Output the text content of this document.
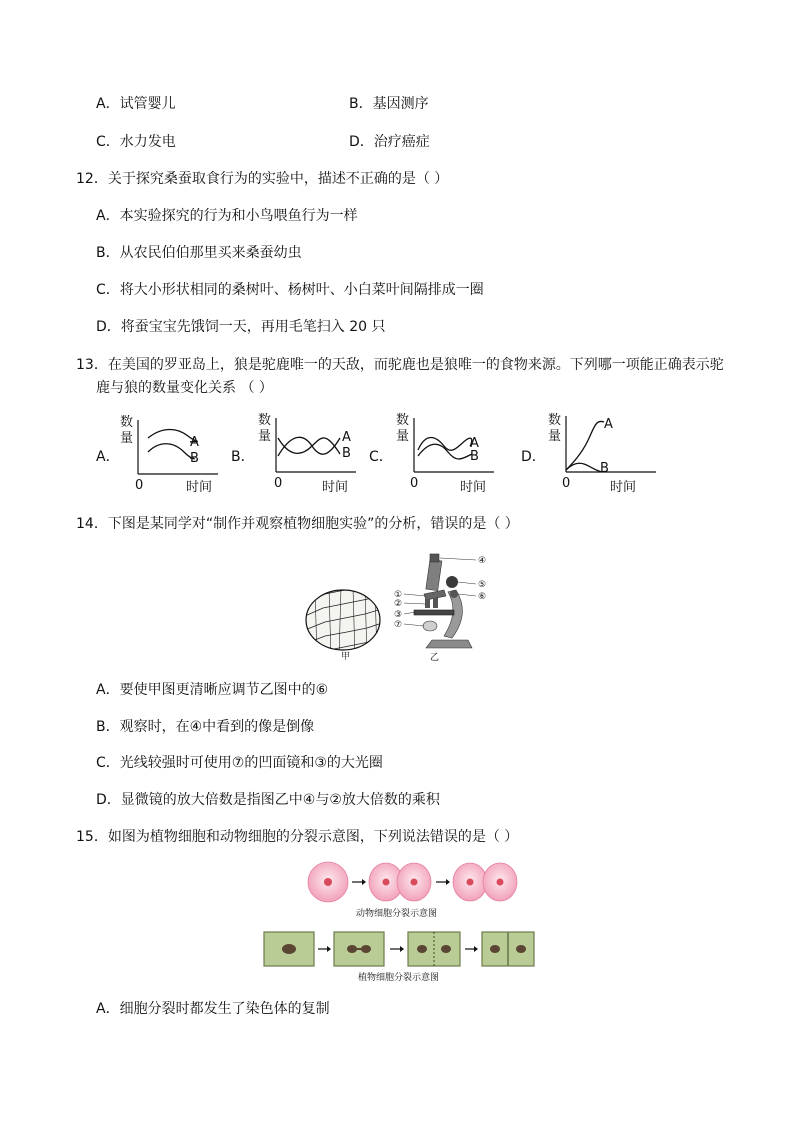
A．试管婴儿	B．基因测序
C．水力发电	D．治疗癌症
12．关于探究桑蚕取食行为的实验中，描述不正确的是（ ）
A．本实验探究的行为和小鸟喂鱼行为一样
B．从农民伯伯那里买来桑蚕幼虫
C．将大小形状相同的桑树叶、杨树叶、小白菜叶间隔排成一圈
D．将蚕宝宝先饿饲一天，再用毛笔扫入 20 只
13．在美国的罗亚岛上，狼是驼鹿唯一的天敌，而驼鹿也是狼唯一的食物来源。下列哪一项能正确表示驼
鹿与狼的数量变化关系 （ ）
A．
数
量	A
B
0	时间
B．
数
量	A
B
0	时间
C．
数
量	A
B
0	时间
D．
数
量
A
B
0	时间
14．下图是某同学对“制作并观察植物细胞实验”的分析，错误的是（ ）
甲
④
⑤
⑥
①
②
③
⑦
乙
A．要使甲图更清晰应调节乙图中的⑥
B．观察时，在④中看到的像是倒像
C．光线较强时可使用⑦的凹面镜和③的大光圈
D．显微镜的放大倍数是指图乙中④与②放大倍数的乘积
15．如图为植物细胞和动物细胞的分裂示意图，下列说法错误的是（ ）
动物细胞分裂示意图
植物细胞分裂示意图
A．细胞分裂时都发生了染色体的复制
